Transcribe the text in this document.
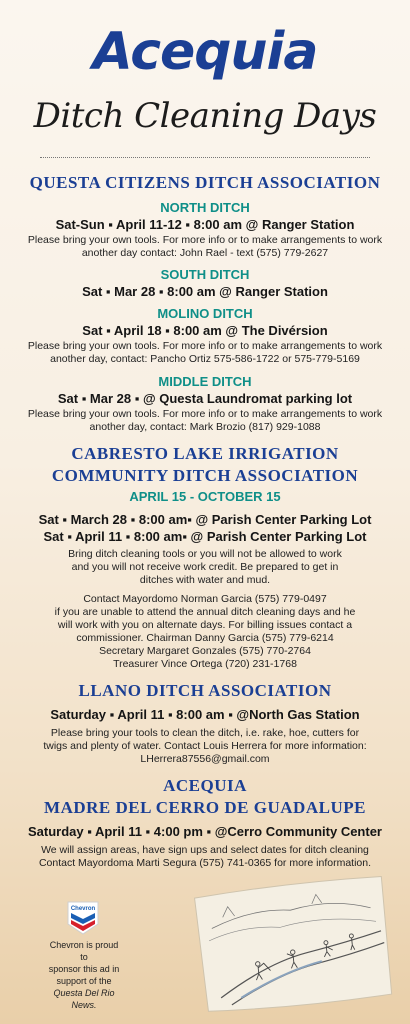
Acequia
Ditch Cleaning Days
QUESTA CITIZENS DITCH ASSOCIATION
NORTH DITCH
Sat-Sun ▪ April 11-12 ▪ 8:00 am @ Ranger Station
Please bring your own tools. For more info or to make arrangements to work
another day contact: John Rael - text (575) 779-2627
SOUTH DITCH
Sat ▪ Mar 28 ▪ 8:00 am @ Ranger Station
MOLINO DITCH
Sat ▪ April 18 ▪ 8:00 am @ The Divérsion
Please bring your own tools. For more info or to make arrangements to work
another day, contact: Pancho Ortiz 575-586-1722 or 575-779-5169
MIDDLE DITCH
Sat ▪ Mar 28 ▪ @ Questa Laundromat parking lot
Please bring your own tools. For more info or to make arrangements to work
another day, contact: Mark Brozio (817) 929-1088
CABRESTO LAKE IRRIGATION
COMMUNITY DITCH ASSOCIATION
APRIL 15 - OCTOBER 15
Sat ▪ March 28 ▪ 8:00 am▪ @ Parish Center Parking Lot
Sat ▪ April 11 ▪ 8:00 am▪ @ Parish Center Parking Lot
Bring ditch cleaning tools or you will not be allowed to work
and you will not receive work credit. Be prepared to get in
ditches with water and mud.
Contact Mayordomo Norman Garcia (575) 779-0497
if you are unable to attend the annual ditch cleaning days and he
will work with you on alternate days. For billing issues contact a
commissioner. Chairman Danny Garcia (575) 779-6214
Secretary Margaret Gonzales (575) 770-2764
Treasurer Vince Ortega (720) 231-1768
LLANO DITCH ASSOCIATION
Saturday ▪ April 11 ▪ 8:00 am ▪ @North Gas Station
Please bring your tools to clean the ditch, i.e. rake, hoe, cutters for
twigs and plenty of water. Contact Louis Herrera for more information:
LHerrera87556@gmail.com
ACEQUIA
MADRE DEL CERRO DE GUADALUPE
Saturday ▪ April 11 ▪ 4:00 pm ▪ @Cerro Community Center
We will assign areas, have sign ups and select dates for ditch cleaning
Contact Mayordoma Marti Segura (575) 741-0365 for more information.
Chevron
Chevron is proud to
sponsor this ad in
support of the
Questa Del Rio News.
